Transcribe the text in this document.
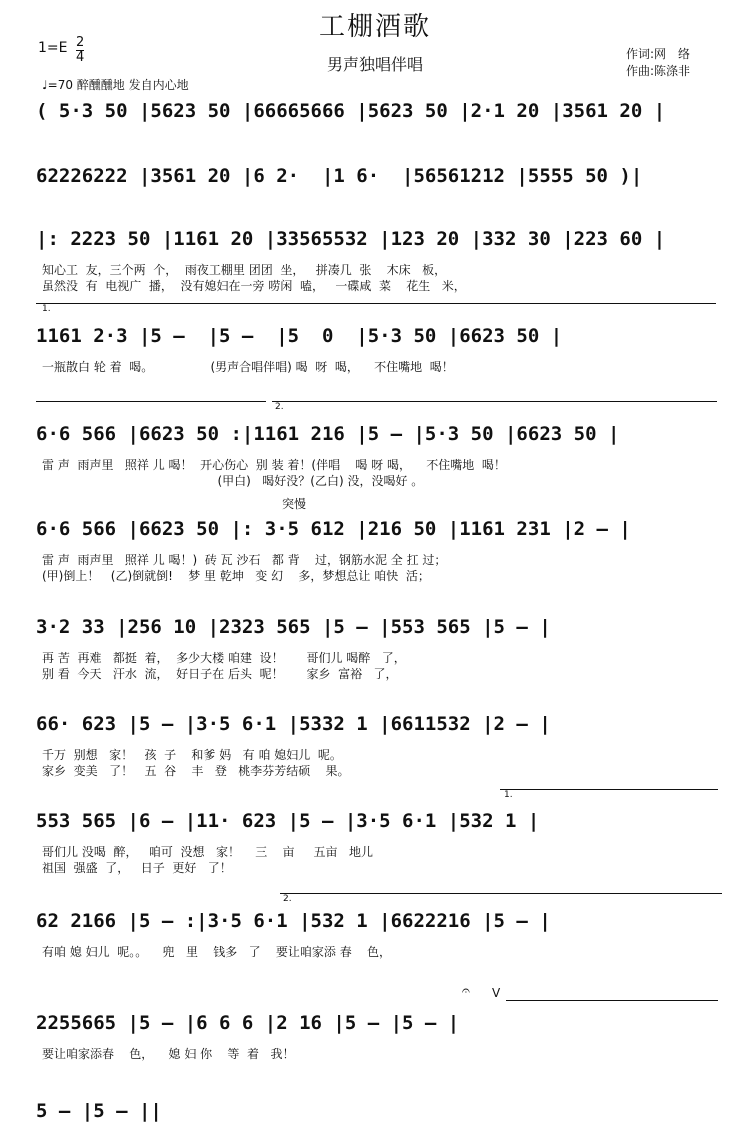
工棚酒歌
男声独唱伴唱
作词:网　络
作曲:陈涤非
1=E 2
4
♩=70 醉醺醺地 发自内心地
( 5·3 50 |5623 50 |66665666 |5623 50 |2·1 20 |3561 20 |
62226222 |3561 20 |6 2·  |1 6·  |56561212 |5555 50 )|
|: 2223 50 |1161 20 |33565532 |123 20 |332 30 |223 60 |
知心工  友，三个两  个，  雨夜工棚里 团团  坐，   拼凑几  张    木床   板，
虽然没  有  电视广  播，  没有媳妇在一旁 唠闲  嗑，   一碟咸  菜    花生   米，
1161 2·3 |5 —  |5 —  |5  0  |5·3 50 |6623 50 |
一瓶散白 轮 着  喝。               (男声合唱伴唱) 喝  呀  喝，    不住嘴地  喝！
6·6 566 |6623 50 :|1161 216 |5 — |5·3 50 |6623 50 |
雷 声  雨声里   照祥 儿 喝！  开心伤心  别 装 着！(伴唱    喝 呀 喝，    不住嘴地  喝！
(甲白)   喝好没？(乙白) 没，没喝好 。
6·6 566 |6623 50 |: 3·5 612 |216 50 |1161 231 |2 — |
雷 声  雨声里   照祥 儿 喝！)  砖 瓦 沙石   都 背    过，钢筋水泥 全 扛 过；
(甲)倒上！   (乙)倒就倒!    梦 里 乾坤   变 幻    多，梦想总让 咱快  活；
3·2 33 |256 10 |2323 565 |5 — |553 565 |5 — |
再 苦  再难   都挺  着，  多少大楼 咱建  设！      哥们儿 喝醉   了，
别 看  今天   汗水  流，  好日子在 后头  呢！      家乡  富裕   了，
66· 623 |5 — |3·5 6·1 |5332 1 |6611532 |2 — |
千万  别想   家！   孩  子    和爹 妈   有 咱 媳妇儿  呢。
家乡  变美   了！   五  谷    丰   登   桃李芬芳结硕    果。
553 565 |6 — |11· 623 |5 — |3·5 6·1 |532 1 |
哥们儿 没喝  醉，   咱可  没想   家！    三    亩     五亩   地儿
祖国  强盛  了，   日子  更好   了！
62 2166 |5 — :|3·5 6·1 |532 1 |6622216 |5 — |
有咱 媳 妇儿  呢。。    兜   里    钱多   了    要让咱家添 春    色，
2255665 |5 — |6 6 6 |2 16 |5 — |5 — |
要让咱家添春    色，    媳 妇 你    等  着   我！
5 — |5 — ||
1.
2.
突慢
1.
2.
𝄐 V
